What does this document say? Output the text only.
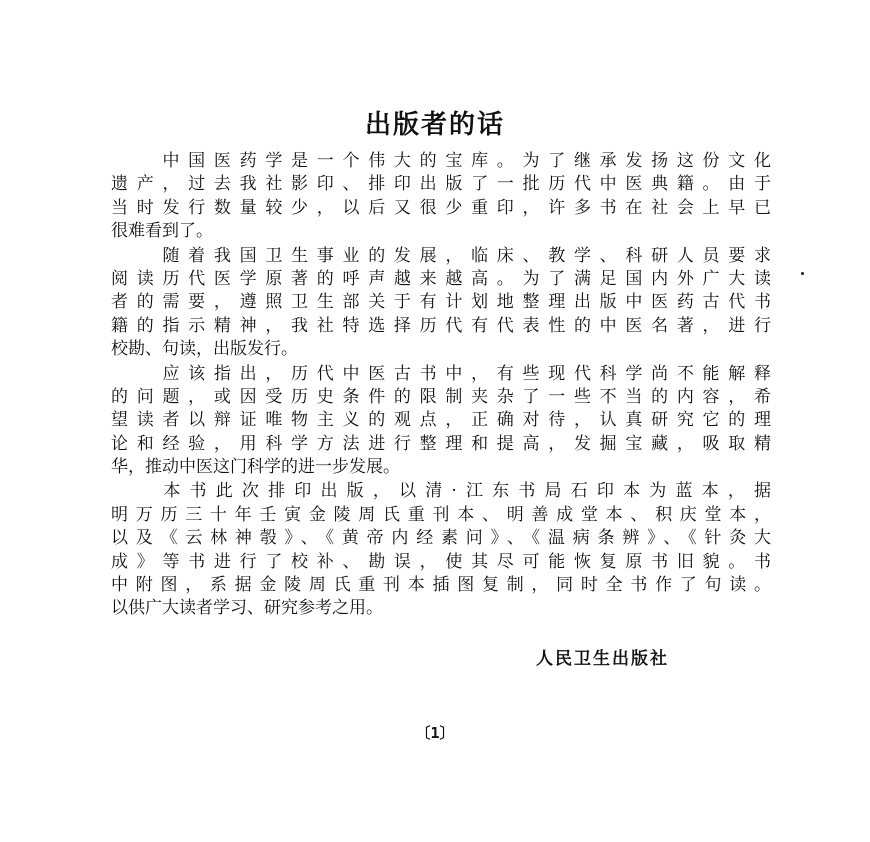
出版者的话
　　中国医药学是一个伟大的宝库。为了继承发扬这份文化
遗产，过去我社影印、排印出版了一批历代中医典籍。由于
当时发行数量较少，以后又很少重印，许多书在社会上早已
很难看到了。
　　随着我国卫生事业的发展，临床、教学、科研人员要求
阅读历代医学原著的呼声越来越高。为了满足国内外广大读
者的需要，遵照卫生部关于有计划地整理出版中医药古代书
籍的指示精神，我社特选择历代有代表性的中医名著，进行
校勘、句读，出版发行。
　　应该指出，历代中医古书中，有些现代科学尚不能解释
的问题，或因受历史条件的限制夹杂了一些不当的内容，希
望读者以辩证唯物主义的观点，正确对待，认真研究它的理
论和经验，用科学方法进行整理和提高，发掘宝藏，吸取精
华，推动中医这门科学的进一步发展。
　　本书此次排印出版，以清·江东书局石印本为蓝本，据
明万历三十年壬寅金陵周氏重刊本、明善成堂本、积庆堂本，
以及《云林神彀》、《黄帝内经素问》、《温病条辨》、《针灸大
成》等书进行了校补、勘误，使其尽可能恢复原书旧貌。书
中附图，系据金陵周氏重刊本插图复制，同时全书作了句读。
以供广大读者学习、研究参考之用。
人民卫生出版社
〔1〕
